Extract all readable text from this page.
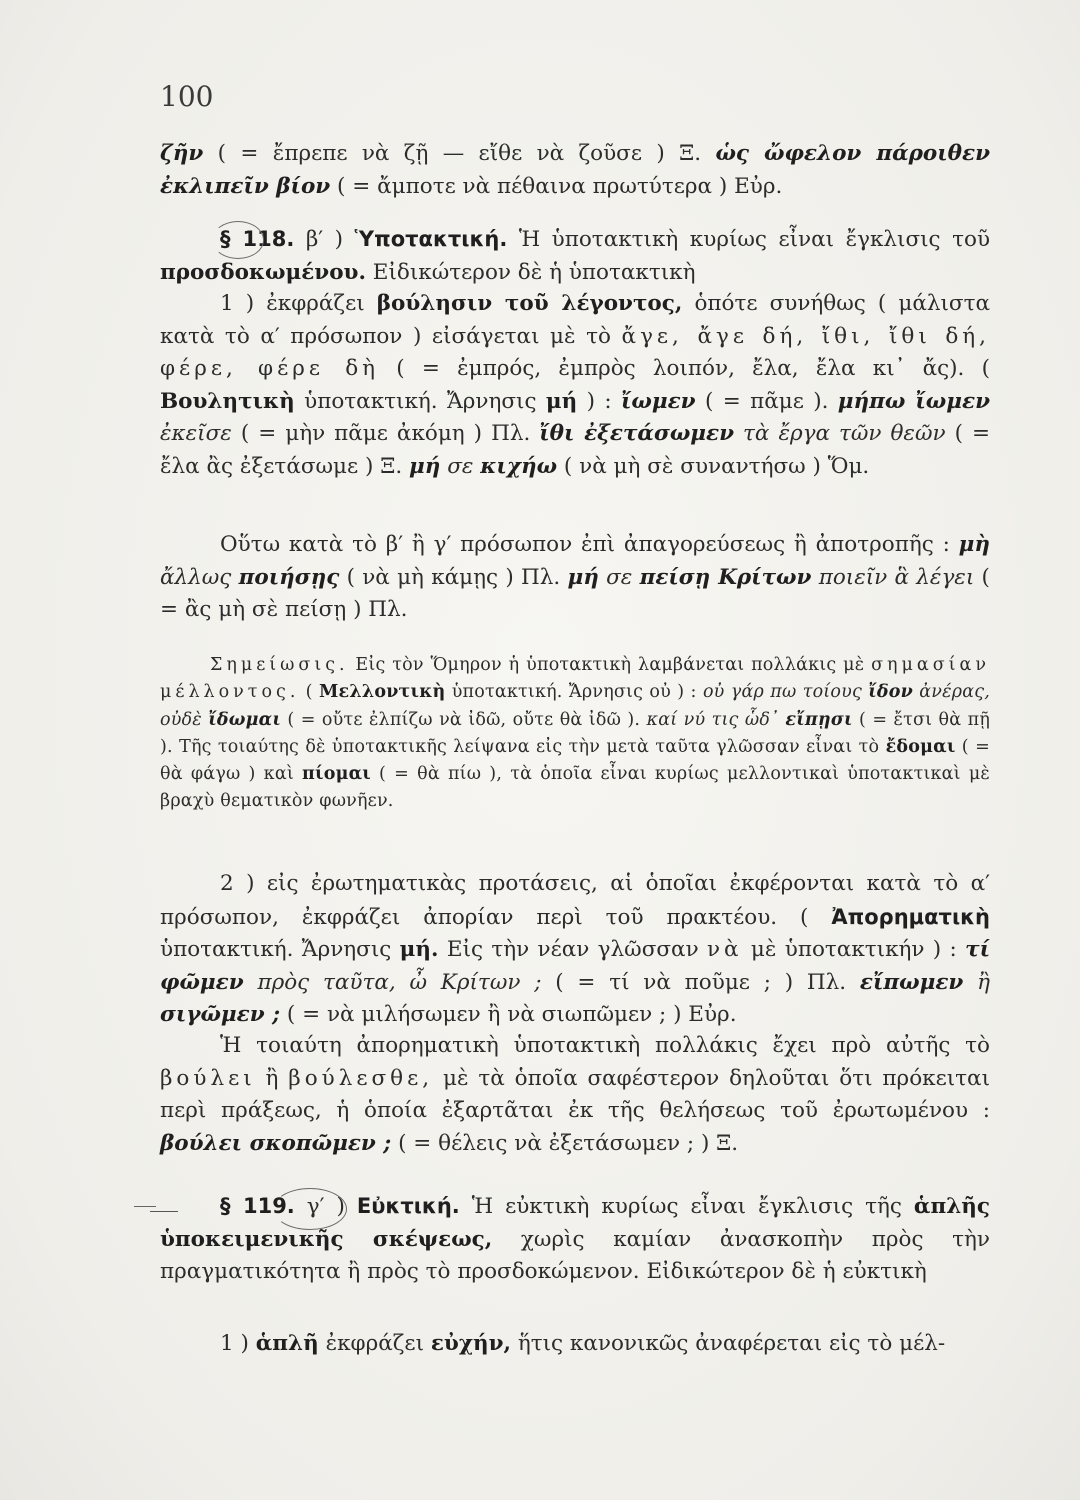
100

ζῆν ( = ἔπρεπε νὰ ζῇ — εἴθε νὰ ζοῦσε ) Ξ. ὡς ὤφελον πάροιθεν ἐκλιπεῖν βίον ( = ἄμποτε νὰ πέθαινα πρωτύτερα ) Εὐρ.

§ 118. β′ ) Ὑποτακτική. Ἡ ὑποτακτικὴ κυρίως εἶναι ἔγκλισις τοῦ προσδοκωμένου. Εἰδικώτερον δὲ ἡ ὑποτακτικὴ

1 ) ἐκφράζει βούλησιν τοῦ λέγοντος, ὁπότε συνήθως ( μάλιστα κατὰ τὸ α′ πρόσωπον ) εἰσάγεται μὲ τὸ ἄγε, ἄγε δή, ἴθι, ἴθι δή, φέρε, φέρε δὴ ( = ἐμπρός, ἐμπρὸς λοιπόν, ἔλα, ἔλα κι᾽ ἄς). ( Βουλητικὴ ὑποτακτική. Ἄρνησις μή ) : ἴωμεν ( = πᾶμε ). μήπω ἴωμεν ἐκεῖσε ( = μὴν πᾶμε ἀκόμη ) Πλ. ἴθι ἐξετάσωμεν τὰ ἔργα τῶν θεῶν ( = ἔλα ἂς ἐξετάσωμε ) Ξ. μή σε κιχήω ( νὰ μὴ σὲ συναντήσω ) Ὅμ.

Οὕτω κατὰ τὸ β′ ἢ γ′ πρόσωπον ἐπὶ ἀπαγορεύσεως ἢ ἀποτροπῆς : μὴ ἄλλως ποιήσῃς ( νὰ μὴ κάμῃς ) Πλ. μή σε πείσῃ Κρίτων ποιεῖν ἃ λέγει ( = ἂς μὴ σὲ πείσῃ ) Πλ.

Σημείωσις. Εἰς τὸν Ὅμηρον ἡ ὑποτακτικὴ λαμβάνεται πολλάκις μὲ σημασίαν μέλλοντος. ( Μελλοντικὴ ὑποτακτική. Ἄρνησις οὐ ) : οὐ γάρ πω τοίους ἴδον ἀνέρας, οὐδὲ ἴδωμαι ( = οὔτε ἐλπίζω νὰ ἰδῶ, οὔτε θὰ ἰδῶ ). καί νύ τις ὧδ᾽ εἴπῃσι ( = ἔτσι θὰ πῇ ). Τῆς τοιαύτης δὲ ὑποτακτικῆς λείψανα εἰς τὴν μετὰ ταῦτα γλῶσσαν εἶναι τὸ ἔδομαι ( = θὰ φάγω ) καὶ πίομαι ( = θὰ πίω ), τὰ ὁποῖα εἶναι κυρίως μελλοντικαὶ ὑποτακτικαὶ μὲ βραχὺ θεματικὸν φωνῆεν.

2 ) εἰς ἐρωτηματικὰς προτάσεις, αἱ ὁποῖαι ἐκφέρονται κατὰ τὸ α′ πρόσωπον, ἐκφράζει ἀπορίαν περὶ τοῦ πρακτέου. ( Ἀπορηματικὴ ὑποτακτική. Ἄρνησις μή. Εἰς τὴν νέαν γλῶσσαν νὰ μὲ ὑποτακτικήν ) : τί φῶμεν πρὸς ταῦτα, ὦ Κρίτων ; ( = τί νὰ ποῦμε ; ) Πλ. εἴπωμεν ἢ σιγῶμεν ; ( = νὰ μιλήσωμεν ἢ νὰ σιωπῶμεν ; ) Εὐρ.

Ἡ τοιαύτη ἀπορηματικὴ ὑποτακτικὴ πολλάκις ἔχει πρὸ αὐτῆς τὸ βούλει ἢ βούλεσθε, μὲ τὰ ὁποῖα σαφέστερον δηλοῦται ὅτι πρόκειται περὶ πράξεως, ἡ ὁποία ἐξαρτᾶται ἐκ τῆς θελήσεως τοῦ ἐρωτωμένου : βούλει σκοπῶμεν ; ( = θέλεις νὰ ἐξετάσωμεν ; ) Ξ.

§ 119. γ′ ) Εὐκτική. Ἡ εὐκτικὴ κυρίως εἶναι ἔγκλισις τῆς ἁπλῆς ὑποκειμενικῆς σκέψεως, χωρὶς καμίαν ἀνασκοπὴν πρὸς τὴν πραγματικότητα ἢ πρὸς τὸ προσδοκώμενον. Εἰδικώτερον δὲ ἡ εὐκτικὴ

1 ) ἁπλῆ ἐκφράζει εὐχήν, ἥτις κανονικῶς ἀναφέρεται εἰς τὸ μέλ-
